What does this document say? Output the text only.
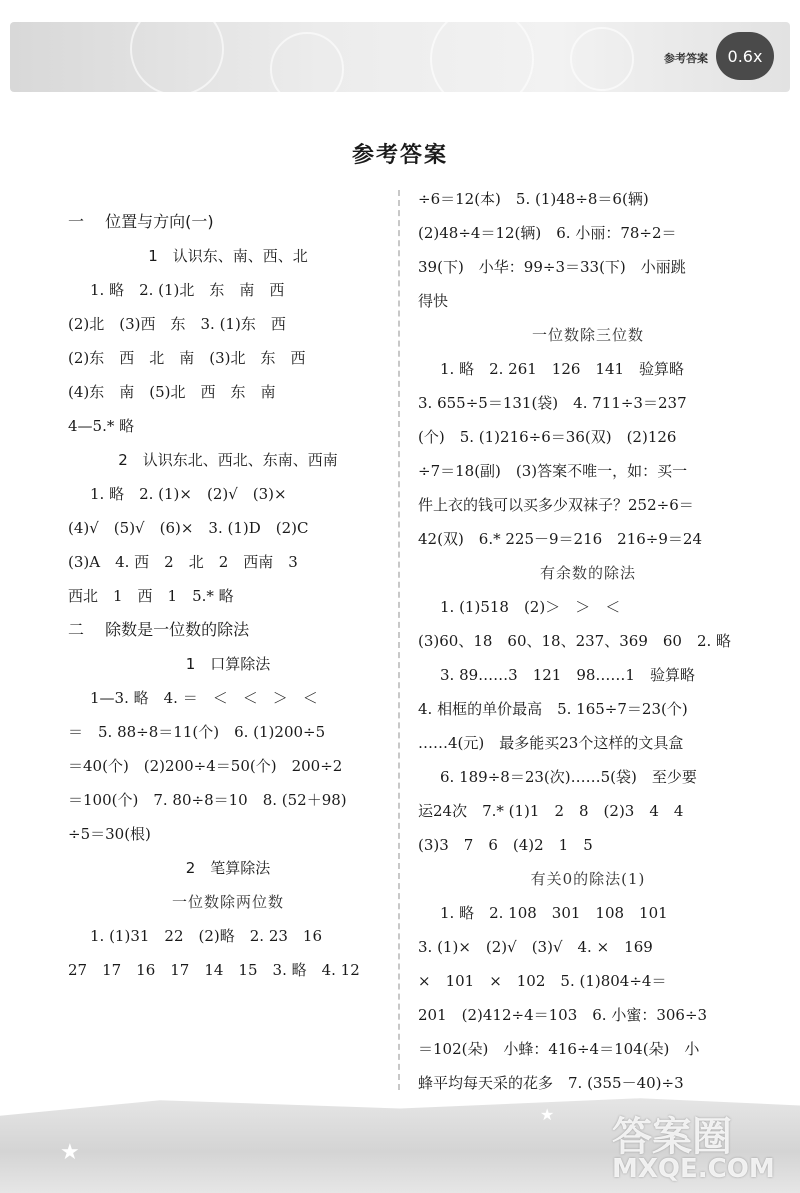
参考答案	0.6x
参考答案
一　 位置与方向(一)
1　认识东、南、西、北
1. 略　2. (1)北　东　南　西
(2)北　(3)西　东　3. (1)东　西
(2)东　西　北　南　(3)北　东　西
(4)东　南　(5)北　西　东　南
4—5.* 略
2　认识东北、西北、东南、西南
1. 略　2. (1)×　(2)√　(3)×
(4)√　(5)√　(6)×　3. (1)D　(2)C
(3)A　4. 西　2　北　2　西南　3
西北　1　西　1　5.* 略
二　 除数是一位数的除法
1　口算除法
1—3. 略　4. ＝　＜　＜　＞　＜
＝　5. 88÷8＝11(个)　6. (1)200÷5
＝40(个)　(2)200÷4＝50(个)　200÷2
＝100(个)　7. 80÷8＝10　8. (52＋98)
÷5＝30(根)
2　笔算除法
一位数除两位数
1. (1)31　22　(2)略　2. 23　16
27　17　16　17　14　15　3. 略　4. 12
÷6＝12(本)　5. (1)48÷8＝6(辆)
(2)48÷4＝12(辆)　6. 小丽：78÷2＝
39(下)　小华：99÷3＝33(下)　小丽跳
得快
一位数除三位数
1. 略　2. 261　126　141　验算略
3. 655÷5＝131(袋)　4. 711÷3＝237
(个)　5. (1)216÷6＝36(双)　(2)126
÷7＝18(副)　(3)答案不唯一，如：买一
件上衣的钱可以买多少双袜子？252÷6＝
42(双)　6.* 225－9＝216　216÷9＝24
有余数的除法
1. (1)518　(2)＞　＞　＜
(3)60、18　60、18、237、369　60　2. 略
3. 89……3　121　98……1　验算略
4. 相框的单价最高　5. 165÷7＝23(个)
……4(元)　最多能买23个这样的文具盒
6. 189÷8＝23(次)……5(袋)　至少要
运24次　7.* (1)1　2　8　(2)3　4　4
(3)3　7　6　(4)2　1　5
有关0的除法(1)
1. 略　2. 108　301　108　101
3. (1)×　(2)√　(3)√　4. ×　169
×　101　×　102　5. (1)804÷4＝
201　(2)412÷4＝103　6. 小蜜：306÷3
＝102(朵)　小蜂：416÷4＝104(朵)　小
蜂平均每天采的花多　7. (355－40)÷3
★
★	★ 答案圈
MXQE.COM
